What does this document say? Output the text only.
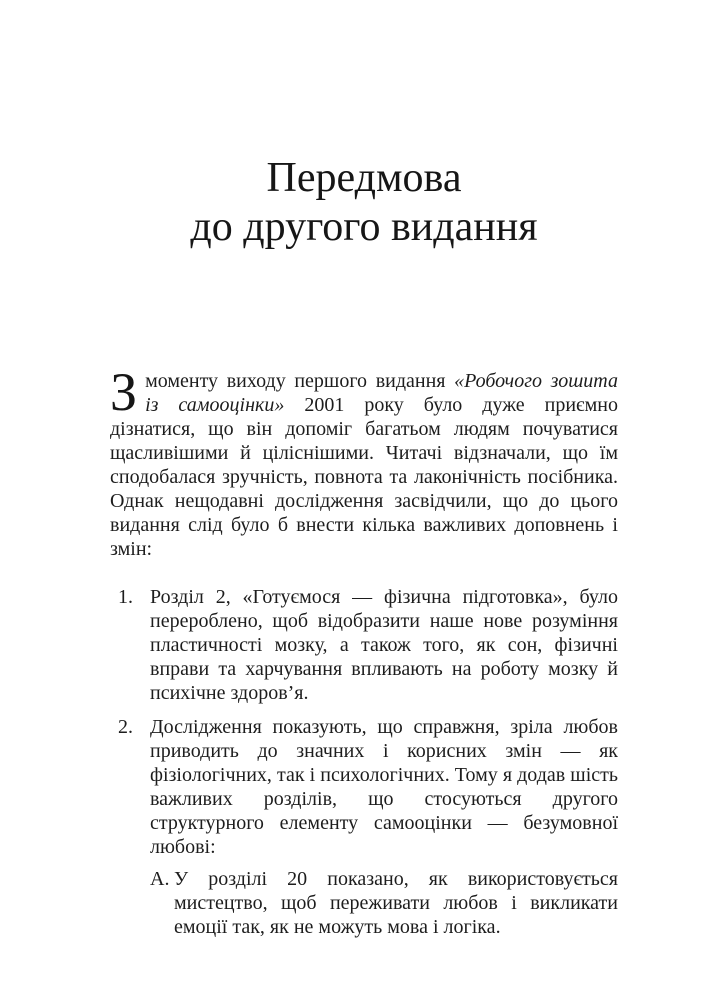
Передмова
до другого видання

Змоменту виходу першого видання «Робочого зошита із самооцінки» 2001 року було дуже приємно дізнатися, що він допоміг багатьом людям почуватися щасливішими й ціліснішими. Читачі відзначали, що їм сподобалася зручність, повнота та лаконічність посібника. Однак нещодавні дослідження засвідчили, що до цього видання слід було б внести кілька важливих доповнень і змін:

1. Розділ 2, «Готуємося — фізична підготовка», було перероблено, щоб відобразити наше нове розуміння пластичності мозку, а також того, як сон, фізичні вправи та харчування впливають на роботу мозку й психічне здоров’я.
2. Дослідження показують, що справжня, зріла любов приводить до значних і корисних змін — як фізіологічних, так і психологічних. Тому я додав шість важливих розділів, що стосуються другого структурного елементу самооцінки — безумовної любові:
А. У розділі 20 показано, як використовується мистецтво, щоб переживати любов і викликати емоції так, як не можуть мова і логіка.
